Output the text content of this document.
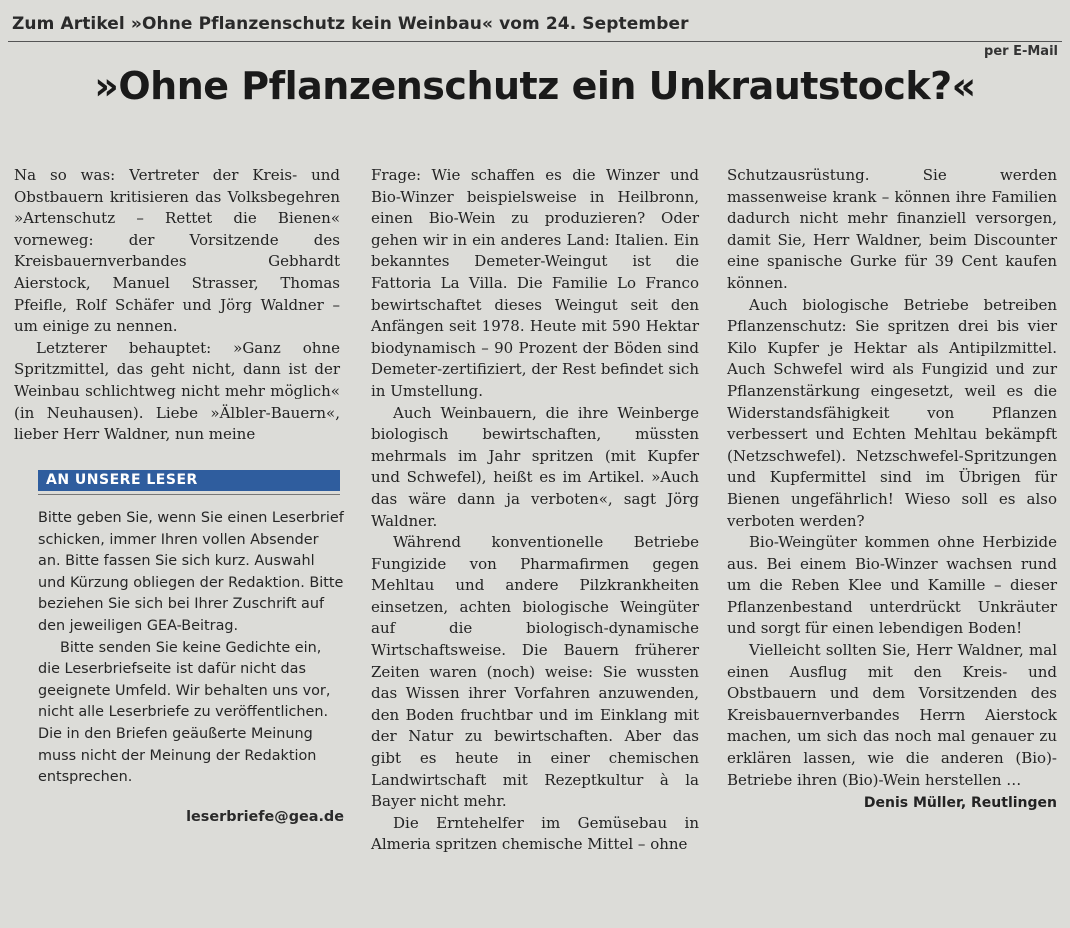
Zum Artikel »Ohne Pflanzenschutz kein Weinbau« vom 24. September
per E-Mail
»Ohne Pflanzenschutz ein Unkrautstock?«

Na so was: Vertreter der Kreis- und Obstbauern kritisieren das Volksbegehren »Artenschutz – Rettet die Bienen« vorneweg: der Vorsitzende des Kreisbauernverbandes Gebhardt Aierstock, Manuel Strasser, Thomas Pfeifle, Rolf Schäfer und Jörg Waldner – um einige zu nennen.

Letzterer behauptet: »Ganz ohne Spritzmittel, das geht nicht, dann ist der Weinbau schlichtweg nicht mehr möglich« (in Neuhausen). Liebe »Älbler-Bauern«, lieber Herr Waldner, nun meine

AN UNSERE LESER

Bitte geben Sie, wenn Sie einen Leserbrief schicken, immer Ihren vollen Absender an. Bitte fassen Sie sich kurz. Auswahl und Kürzung obliegen der Redaktion. Bitte beziehen Sie sich bei Ihrer Zuschrift auf den jeweiligen GEA-Beitrag.

Bitte senden Sie keine Gedichte ein, die Leserbriefseite ist dafür nicht das geeignete Umfeld. Wir behalten uns vor, nicht alle Leserbriefe zu veröffentlichen. Die in den Briefen geäußerte Meinung muss nicht der Meinung der Redaktion entsprechen.

leserbriefe@gea.de

Frage: Wie schaffen es die Winzer und Bio-Winzer beispielsweise in Heilbronn, einen Bio-Wein zu produzieren? Oder gehen wir in ein anderes Land: Italien. Ein bekanntes Demeter-Weingut ist die Fattoria La Villa. Die Familie Lo Franco bewirtschaftet dieses Weingut seit den Anfängen seit 1978. Heute mit 590 Hektar biodynamisch – 90 Prozent der Böden sind Demeter-zertifiziert, der Rest befindet sich in Umstellung.

Auch Weinbauern, die ihre Weinberge biologisch bewirtschaften, müssten mehrmals im Jahr spritzen (mit Kupfer und Schwefel), heißt es im Artikel. »Auch das wäre dann ja verboten«, sagt Jörg Waldner.

Während konventionelle Betriebe Fungizide von Pharmafirmen gegen Mehltau und andere Pilzkrankheiten einsetzen, achten biologische Weingüter auf die biologisch-dynamische Wirtschaftsweise. Die Bauern früherer Zeiten waren (noch) weise: Sie wussten das Wissen ihrer Vorfahren anzuwenden, den Boden fruchtbar und im Einklang mit der Natur zu bewirtschaften. Aber das gibt es heute in einer chemischen Landwirtschaft mit Rezeptkultur à la Bayer nicht mehr.

Die Erntehelfer im Gemüsebau in Almeria spritzen chemische Mittel – ohne

Schutzausrüstung. Sie werden massenweise krank – können ihre Familien dadurch nicht mehr finanziell versorgen, damit Sie, Herr Waldner, beim Discounter eine spanische Gurke für 39 Cent kaufen können.

Auch biologische Betriebe betreiben Pflanzenschutz: Sie spritzen drei bis vier Kilo Kupfer je Hektar als Antipilzmittel. Auch Schwefel wird als Fungizid und zur Pflanzenstärkung eingesetzt, weil es die Widerstandsfähigkeit von Pflanzen verbessert und Echten Mehltau bekämpft (Netzschwefel). Netzschwefel-Spritzungen und Kupfermittel sind im Übrigen für Bienen ungefährlich! Wieso soll es also verboten werden?

Bio-Weingüter kommen ohne Herbizide aus. Bei einem Bio-Winzer wachsen rund um die Reben Klee und Kamille – dieser Pflanzenbestand unterdrückt Unkräuter und sorgt für einen lebendigen Boden!

Vielleicht sollten Sie, Herr Waldner, mal einen Ausflug mit den Kreis- und Obstbauern und dem Vorsitzenden des Kreisbauernverbandes Herrn Aierstock machen, um sich das noch mal genauer zu erklären lassen, wie die anderen (Bio)-Betriebe ihren (Bio)-Wein herstellen …

Denis Müller, Reutlingen
